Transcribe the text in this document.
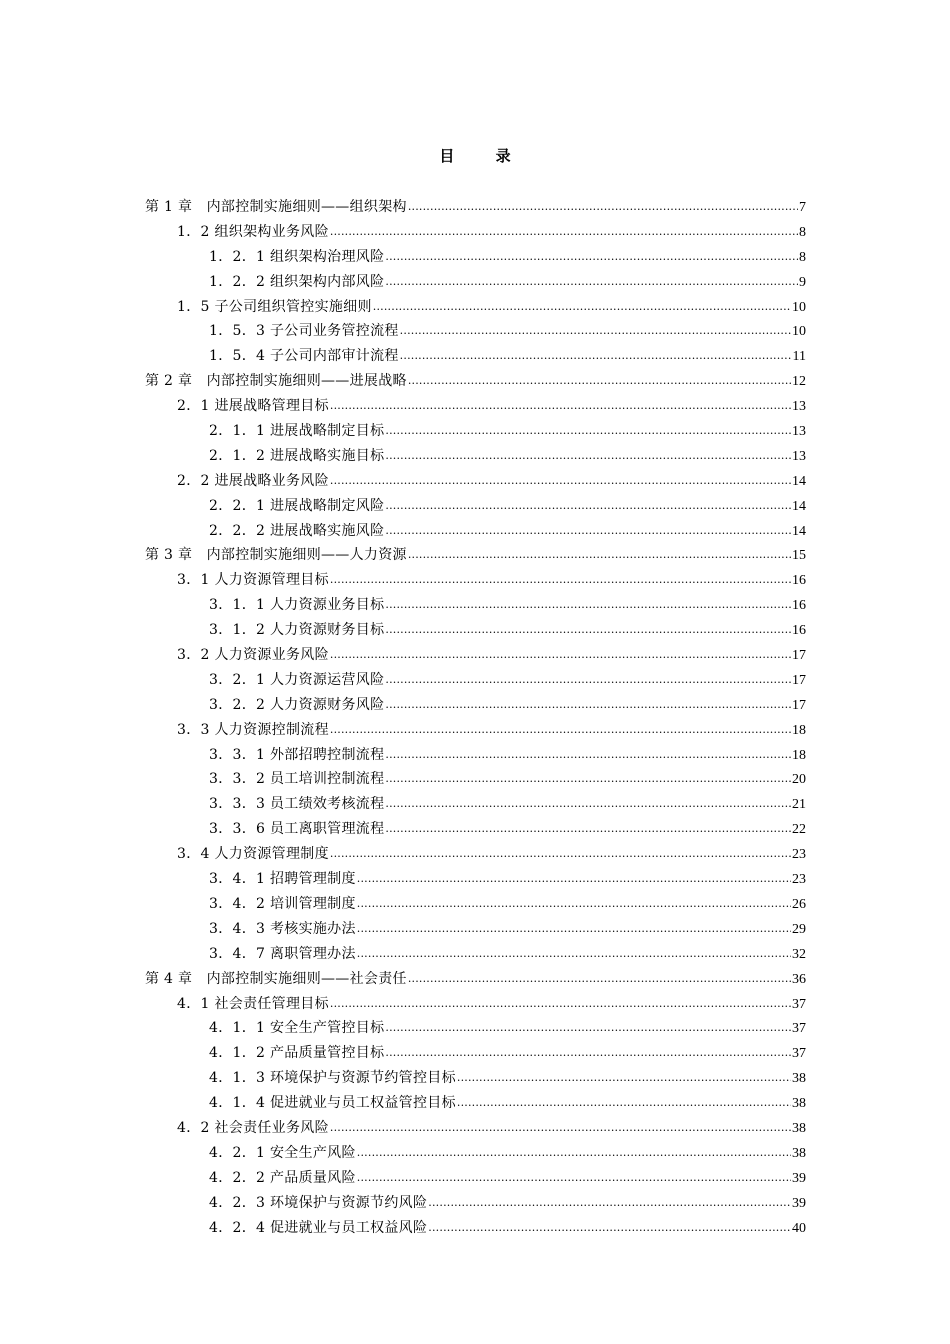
目 录
第 1 章　内部控制实施细则——组织架构 .....	7
1．2 组织架构业务风险 .....	8
1．2．1 组织架构治理风险 .....	8
1．2．2 组织架构内部风险 .....	9
1．5 子公司组织管控实施细则 .....	10
1．5．3 子公司业务管控流程 .....	10
1．5．4 子公司内部审计流程 .....	11
第 2 章　内部控制实施细则——进展战略 .....	12
2．1 进展战略管理目标 .....	13
2．1．1 进展战略制定目标 .....	13
2．1．2 进展战略实施目标 .....	13
2．2 进展战略业务风险 .....	14
2．2．1 进展战略制定风险 .....	14
2．2．2 进展战略实施风险 .....	14
第 3 章　内部控制实施细则——人力资源 .....	15
3．1 人力资源管理目标 .....	16
3．1．1 人力资源业务目标 .....	16
3．1．2 人力资源财务目标 .....	16
3．2 人力资源业务风险 .....	17
3．2．1 人力资源运营风险 .....	17
3．2．2 人力资源财务风险 .....	17
3．3 人力资源控制流程 .....	18
3．3．1 外部招聘控制流程 .....	18
3．3．2 员工培训控制流程 .....	20
3．3．3 员工绩效考核流程 .....	21
3．3．6 员工离职管理流程 .....	22
3．4 人力资源管理制度 .....	23
3．4．1 招聘管理制度 .....	23
3．4．2 培训管理制度 .....	26
3．4．3 考核实施办法 .....	29
3．4．7 离职管理办法 .....	32
第 4 章　内部控制实施细则——社会责任 .....	36
4．1 社会责任管理目标 .....	37
4．1．1 安全生产管控目标 .....	37
4．1．2 产品质量管控目标 .....	37
4．1．3 环境保护与资源节约管控目标 .....	38
4．1．4 促进就业与员工权益管控目标 .....	38
4．2 社会责任业务风险 .....	38
4．2．1 安全生产风险 .....	38
4．2．2 产品质量风险 .....	39
4．2．3 环境保护与资源节约风险 .....	39
4．2．4 促进就业与员工权益风险 .....	40
